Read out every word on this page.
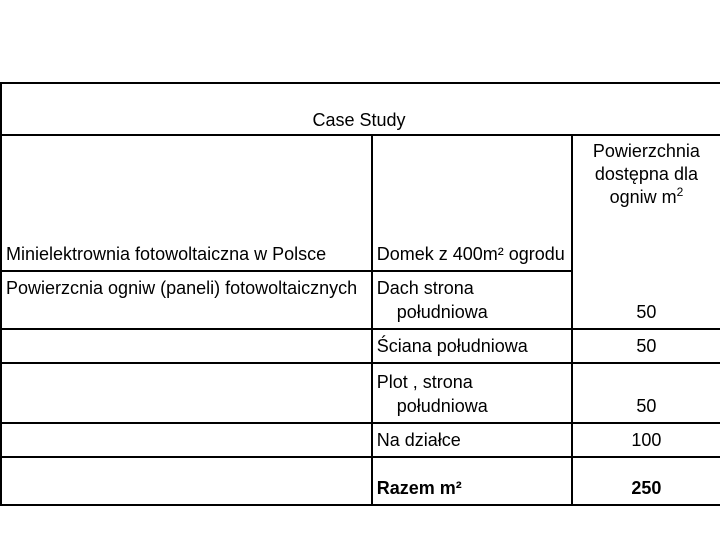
Case Study		
Minielektrownia fotowoltaiczna w Polsce	Domek z 400m² ogrodu	Powierzchnia dostępna dla ogniw $m^2$
Powierzcnia ogniw (paneli) fotowoltaicznych	Dach strona południowa	50
	Ściana południowa	50
	Plot , strona południowa	50
	Na działce	100
	Razem m²	250
